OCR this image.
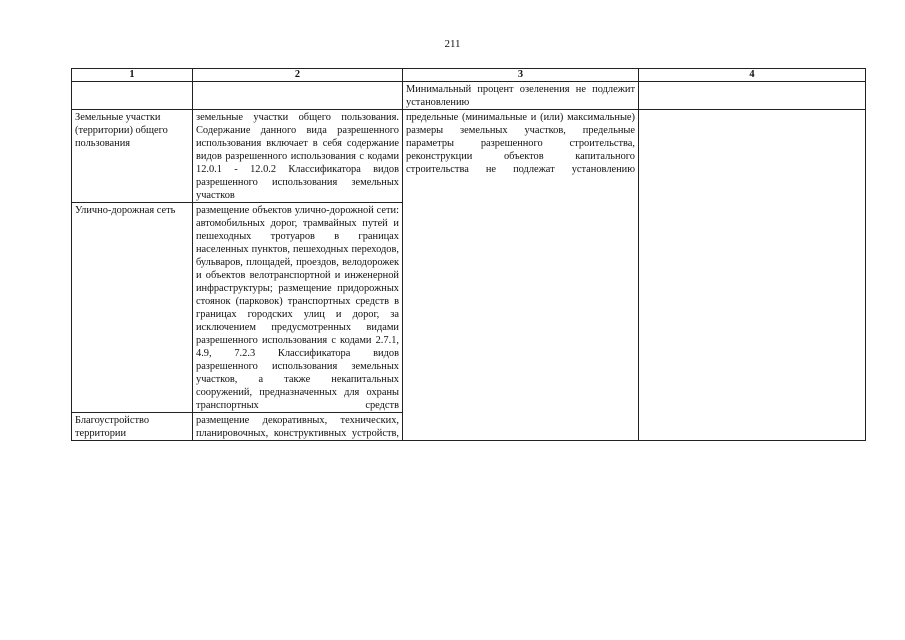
211
1	2	3	4
		Минимальный процент озеленения не подлежит установлению	
Земельные участки (территории) общего пользования	земельные участки общего пользования. Содержание данного вида разрешенного использования включает в себя содержание видов разрешенного использования с кодами 12.0.1 - 12.0.2 Классификатора видов разрешенного использования земельных участков	предельные (минимальные и (или) максимальные) размеры земельных участков, предельные параметры разрешенного строительства, реконструкции объектов капитального строительства не подлежат установлению	
Улично-дорожная сеть	размещение объектов улично-дорожной сети: автомобильных дорог, трамвайных путей и пешеходных тротуаров в границах населенных пунктов, пешеходных переходов, бульваров, площадей, проездов, велодорожек и объектов велотранспортной и инженерной инфраструктуры; размещение придорожных стоянок (парковок) транспортных средств в границах городских улиц и дорог, за исключением предусмотренных видами разрешенного использования с кодами 2.7.1, 4.9, 7.2.3 Классификатора видов разрешенного использования земельных участков, а также некапитальных сооружений, предназначенных для охраны транспортных средств		
Благоустройство территории	размещение декоративных, технических, планировочных, конструктивных устройств,		
